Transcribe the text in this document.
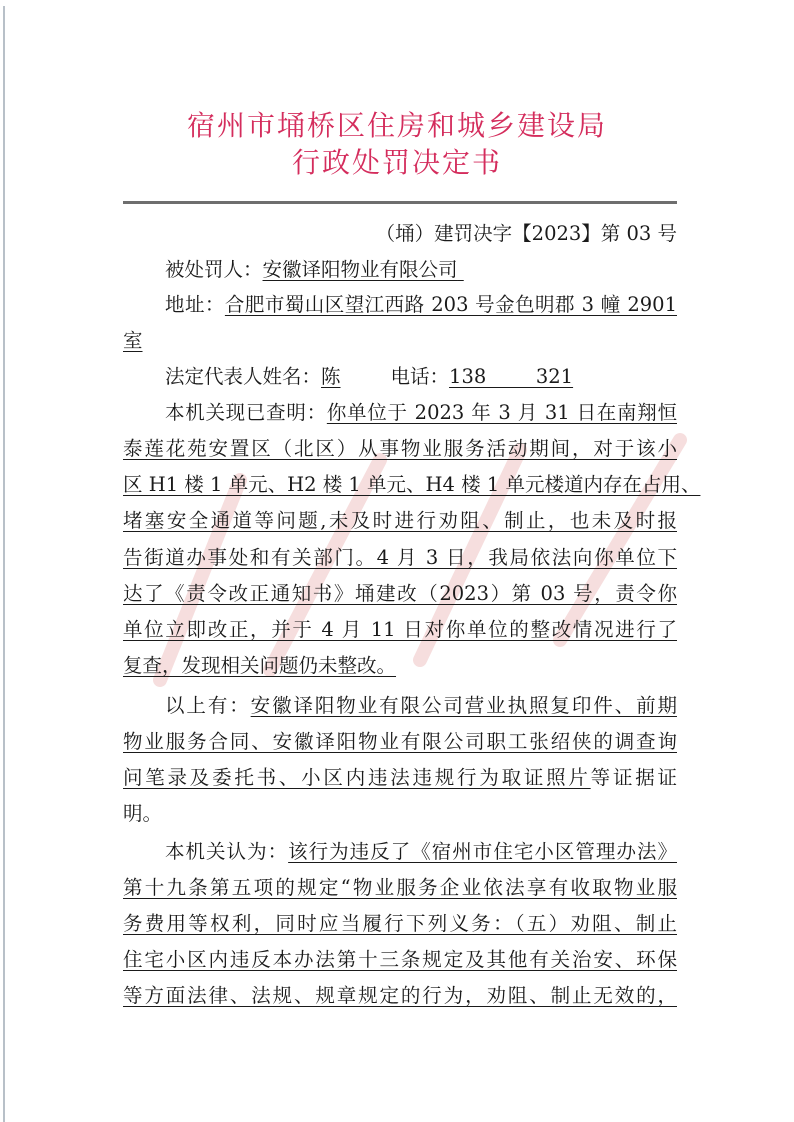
宿州市埇桥区住房和城乡建设局
行政处罚决定书
（埇）建罚决字【2023】第 03 号
被处罚人：安徽译阳物业有限公司
地址：合肥市蜀山区望江西路 203 号金色明郡 3 幢 2901
室
法定代表人姓名：陈	电话：138        321
本机关现已查明：你单位于 2023 年 3 月 31 日在南翔恒
泰莲花苑安置区（北区）从事物业服务活动期间，对于该小
区 H1 楼 1 单元、H2 楼 1 单元、H4 楼 1 单元楼道内存在占用、
堵塞安全通道等问题,未及时进行劝阻、制止，也未及时报
告街道办事处和有关部门。4 月 3 日，我局依法向你单位下
达了《责令改正通知书》埇建改（2023）第 03 号，责令你
单位立即改正，并于 4 月 11 日对你单位的整改情况进行了
复查，发现相关问题仍未整改。
以上有：安徽译阳物业有限公司营业执照复印件、前期
物业服务合同、安徽译阳物业有限公司职工张绍侠的调查询
问笔录及委托书、小区内违法违规行为取证照片等证据证
明。
本机关认为：该行为违反了《宿州市住宅小区管理办法》
第十九条第五项的规定“物业服务企业依法享有收取物业服
务费用等权利，同时应当履行下列义务：（五）劝阻、制止
住宅小区内违反本办法第十三条规定及其他有关治安、环保
等方面法律、法规、规章规定的行为，劝阻、制止无效的，
